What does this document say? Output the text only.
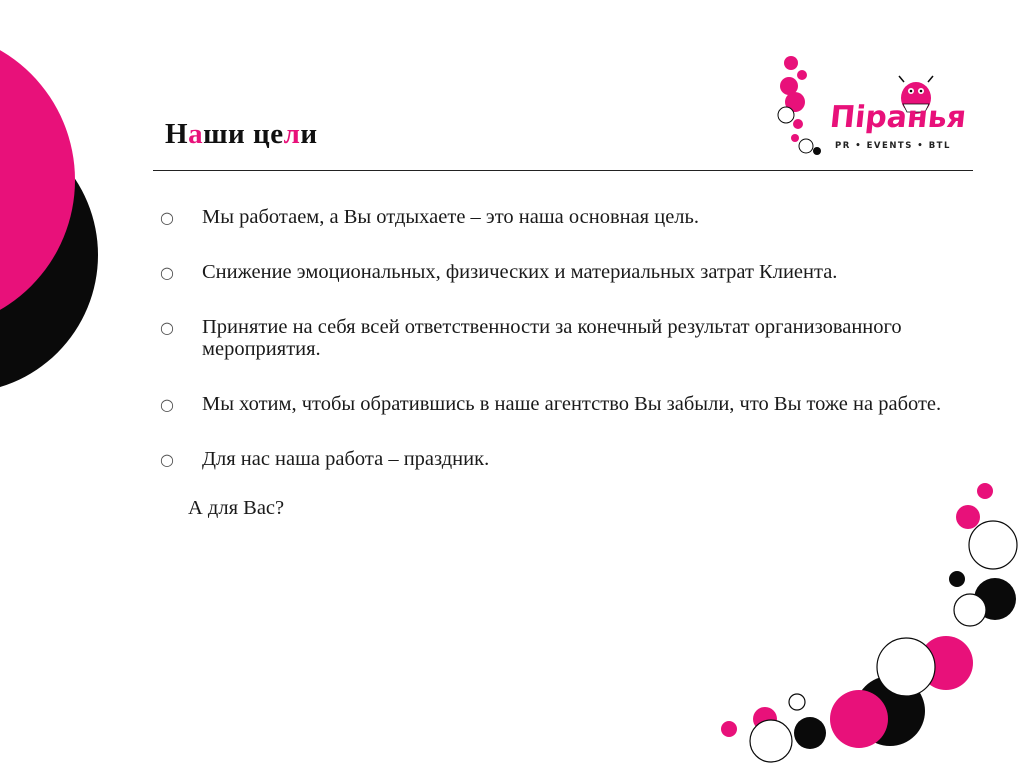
Наши цели
○ Мы работаем, а Вы отдыхаете – это наша основная цель.
○ Снижение эмоциональных, физических и материальных затрат Клиента.
○ Принятие на себя всей ответственности за конечный результат организованного мероприятия.
○ Мы хотим, чтобы обратившись в наше агентство Вы забыли, что Вы тоже на работе.
○ Для нас наша работа – праздник.
А для Вас?
Піранья
PR • EVENTS • BTL
